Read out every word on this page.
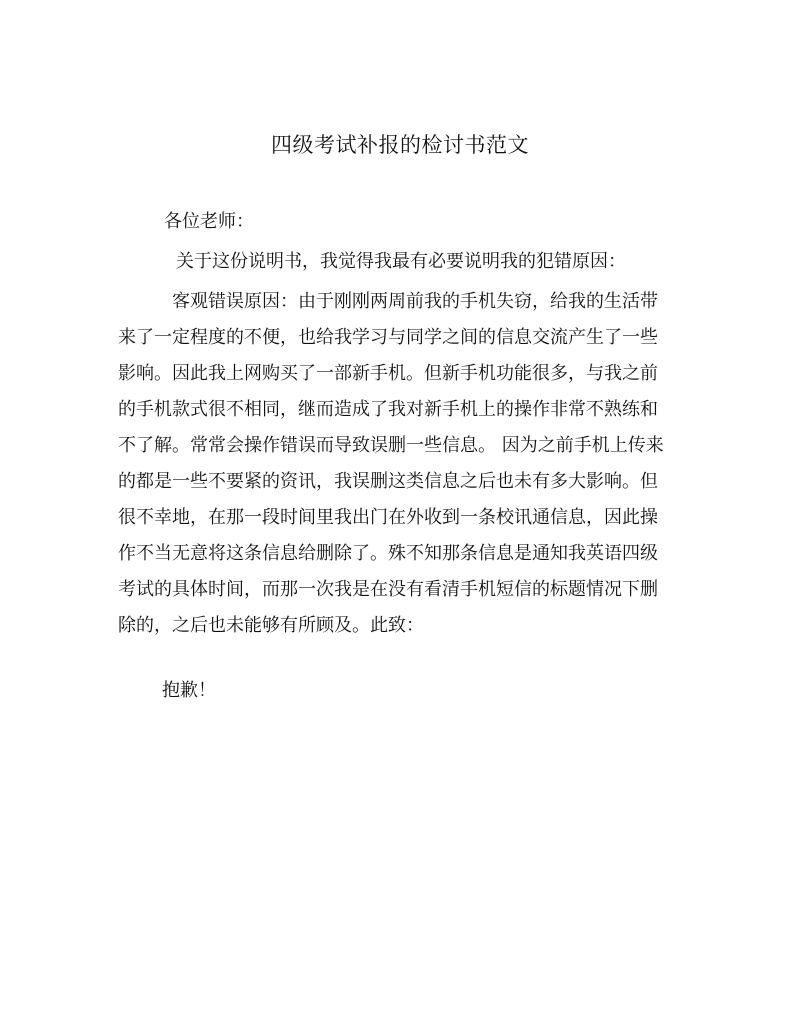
四级考试补报的检讨书范文
各位老师：
关于这份说明书，我觉得我最有必要说明我的犯错原因：
客观错误原因：由于刚刚两周前我的手机失窃，给我的生活带
来了一定程度的不便，也给我学习与同学之间的信息交流产生了一些
影响。因此我上网购买了一部新手机。但新手机功能很多，与我之前
的手机款式很不相同，继而造成了我对新手机上的操作非常不熟练和
不了解。常常会操作错误而导致误删一些信息。 因为之前手机上传来
的都是一些不要紧的资讯，我误删这类信息之后也未有多大影响。但
很不幸地，在那一段时间里我出门在外收到一条校讯通信息，因此操
作不当无意将这条信息给删除了。殊不知那条信息是通知我英语四级
考试的具体时间，而那一次我是在没有看清手机短信的标题情况下删
除的，之后也未能够有所顾及。此致：
抱歉！
